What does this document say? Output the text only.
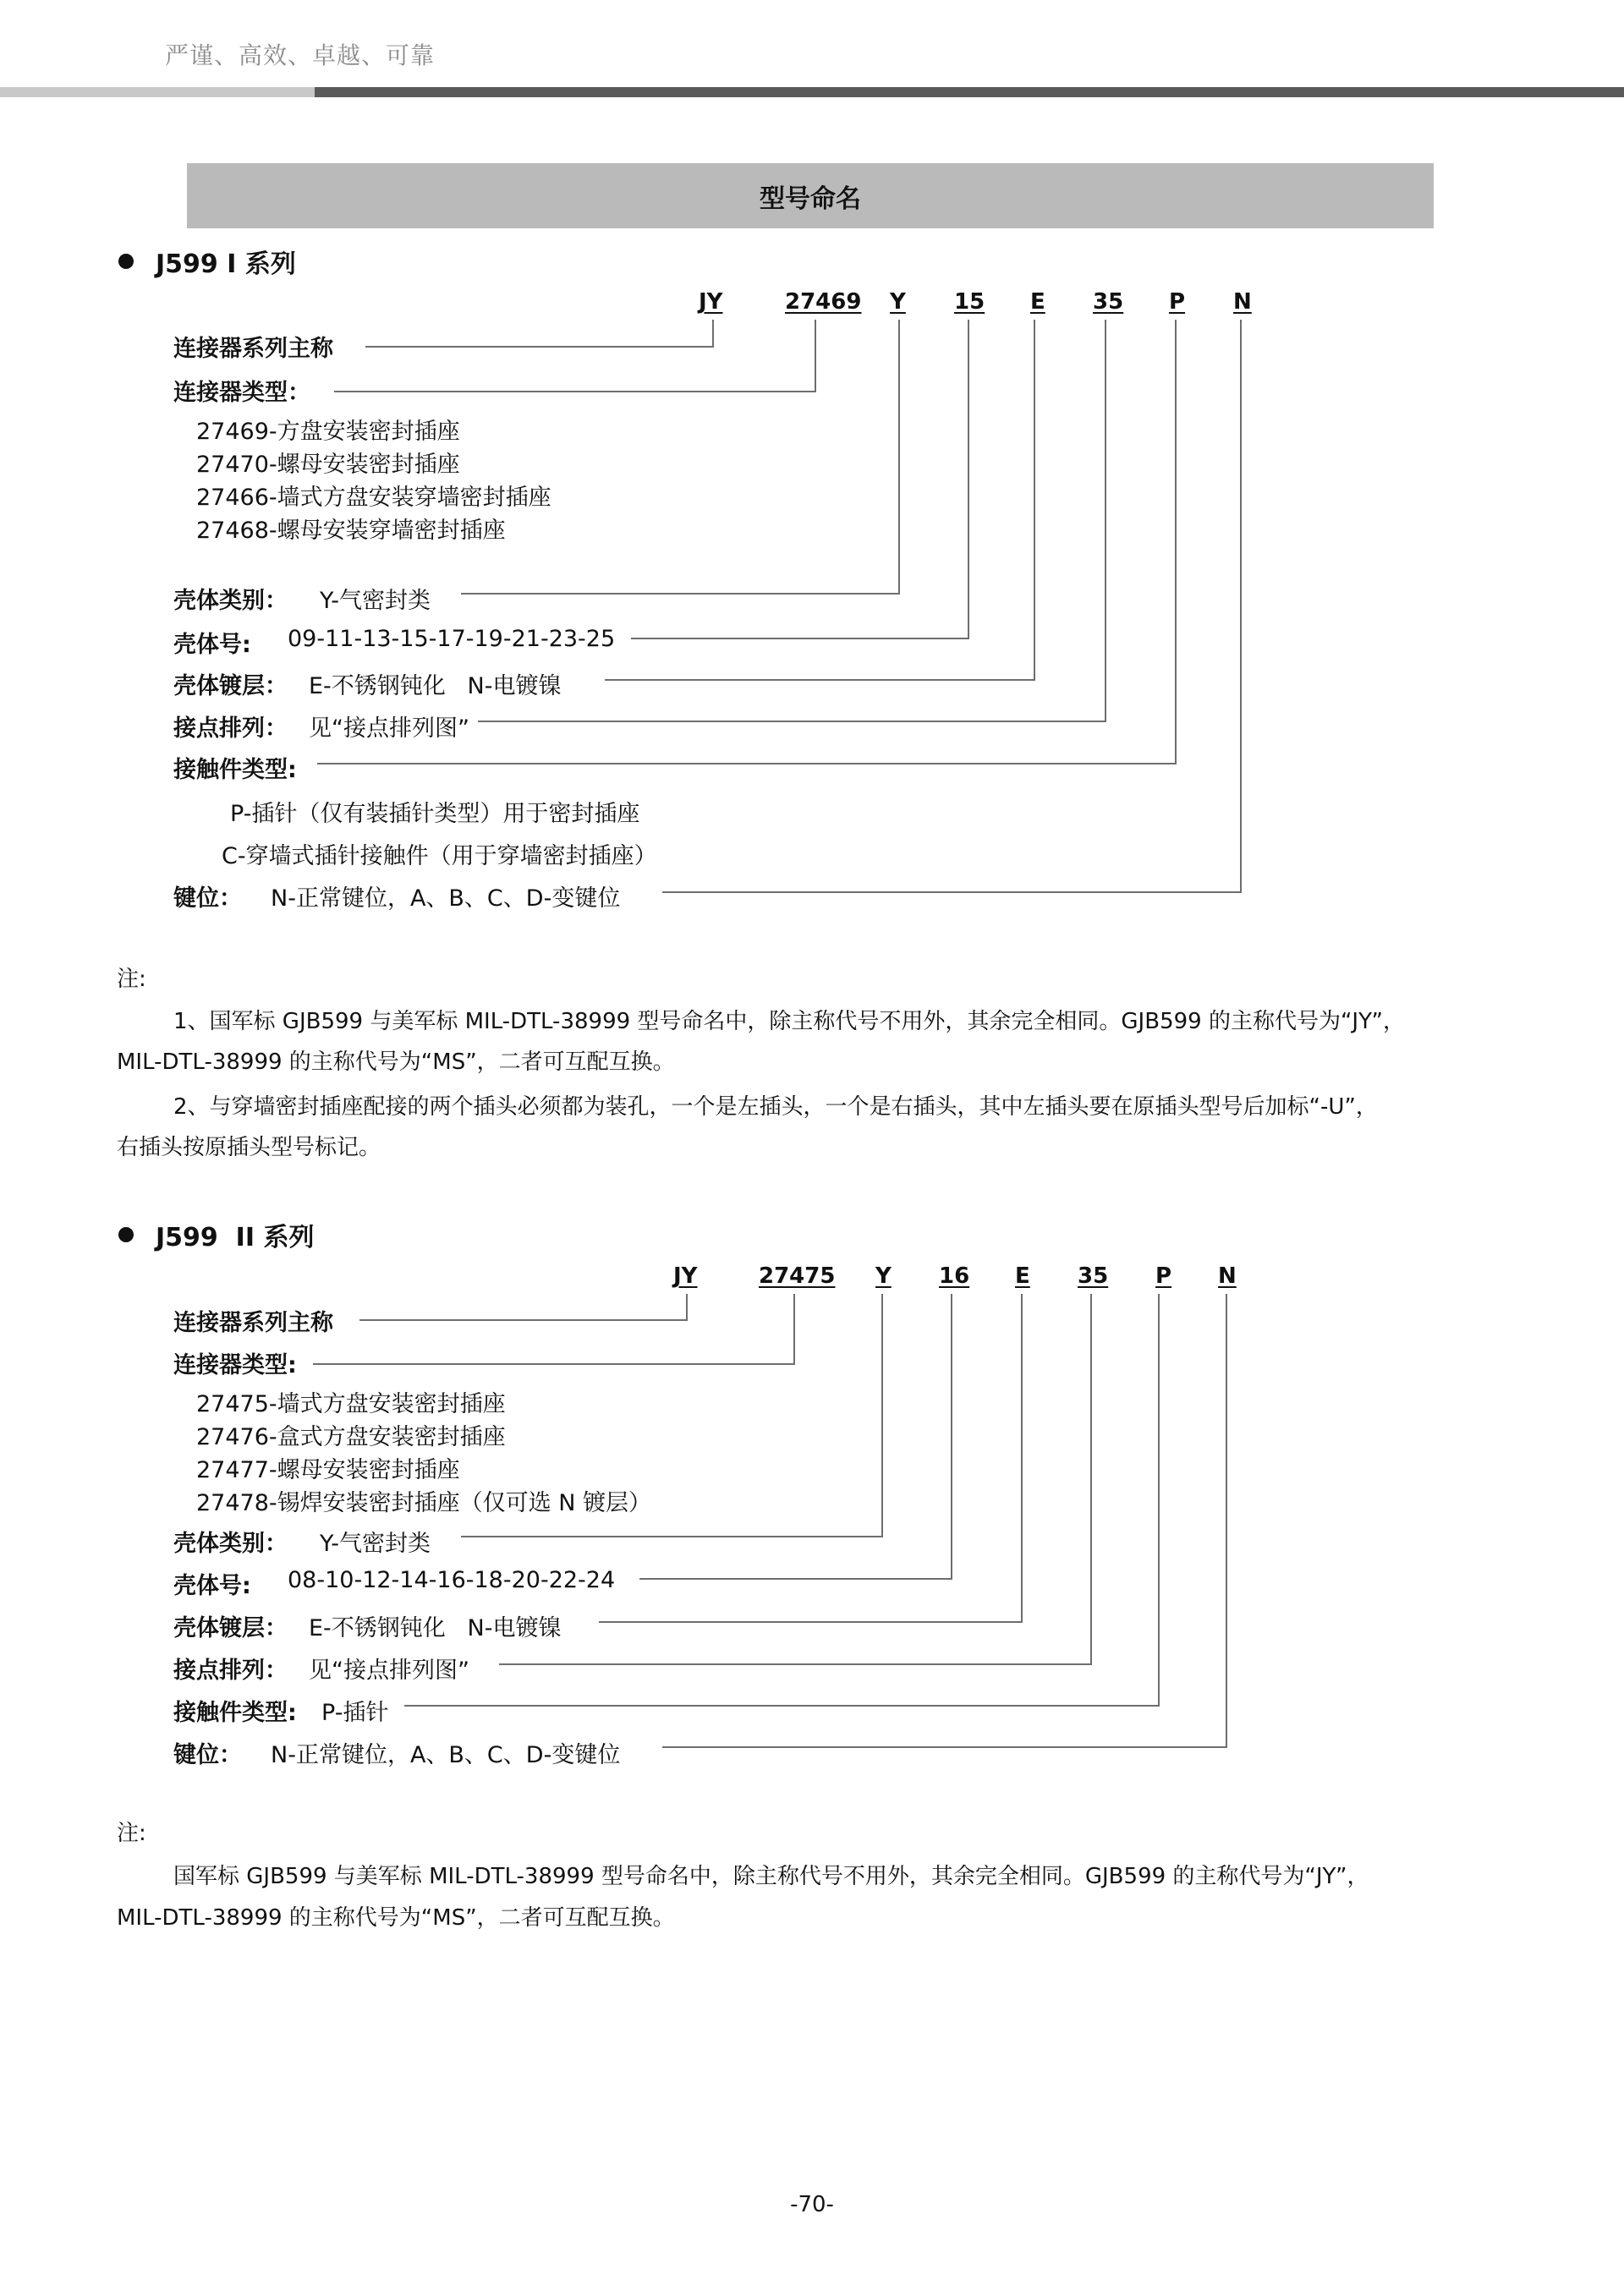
严谨、高效、卓越、可靠
型号命名
J599 I 系列
JY	27469 Y 15 E 35 P N
连接器系列主称
连接器类型：
27469-方盘安装密封插座
27470-螺母安装密封插座
27466-墙式方盘安装穿墙密封插座
27468-螺母安装穿墙密封插座
壳体类别： Y-气密封类
壳体号: 09-11-13-15-17-19-21-23-25
壳体镀层： E-不锈钢钝化   N-电镀镍
接点排列： 见“接点排列图”
接触件类型:
P-插针（仅有装插针类型）用于密封插座
C-穿墙式插针接触件（用于穿墙密封插座）
键位： N-正常键位，A、B、C、D-变键位
注:
1、国军标 GJB599 与美军标 MIL-DTL-38999 型号命名中，除主称代号不用外，其余完全相同。GJB599 的主称代号为“JY”，
MIL-DTL-38999 的主称代号为“MS”，二者可互配互换。
2、与穿墙密封插座配接的两个插头必须都为装孔，一个是左插头，一个是右插头，其中左插头要在原插头型号后加标“-U”，
右插头按原插头型号标记。
J599  II 系列
JY	27475 Y 16 E 35 P N
连接器系列主称
连接器类型:
27475-墙式方盘安装密封插座
27476-盒式方盘安装密封插座
27477-螺母安装密封插座
27478-锡焊安装密封插座（仅可选 N 镀层）
壳体类别： Y-气密封类
壳体号: 08-10-12-14-16-18-20-22-24
壳体镀层： E-不锈钢钝化   N-电镀镍
接点排列： 见“接点排列图”
接触件类型: P-插针
键位： N-正常键位，A、B、C、D-变键位
注:
国军标 GJB599 与美军标 MIL-DTL-38999 型号命名中，除主称代号不用外，其余完全相同。GJB599 的主称代号为“JY”，
MIL-DTL-38999 的主称代号为“MS”，二者可互配互换。
-70-
